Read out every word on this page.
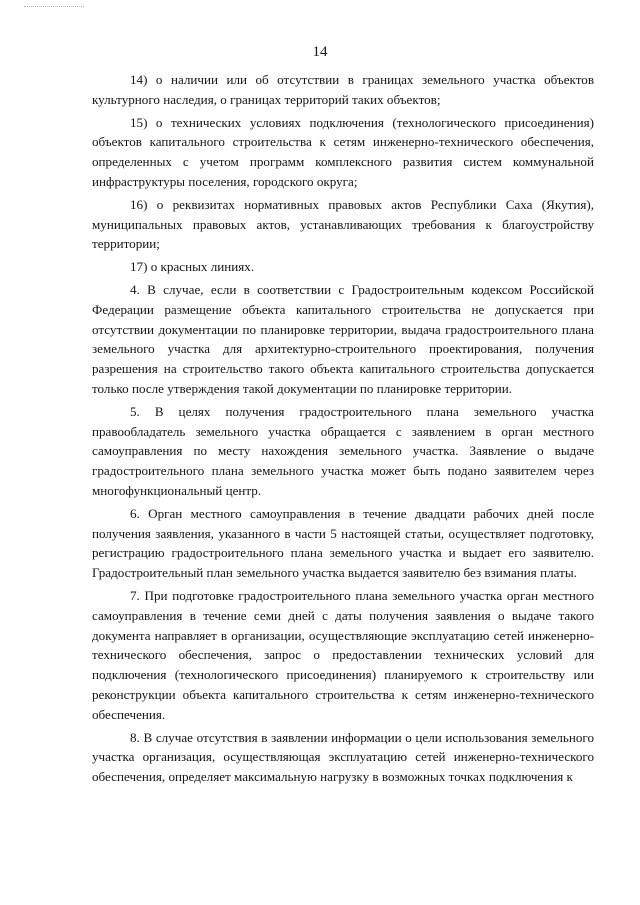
14

14) о наличии или об отсутствии в границах земельного участка объектов культурного наследия, о границах территорий таких объектов;

15) о технических условиях подключения (технологического присоединения) объектов капитального строительства к сетям инженерно-технического обеспечения, определенных с учетом программ комплексного развития систем коммунальной инфраструктуры поселения, городского округа;

16) о реквизитах нормативных правовых актов Республики Саха (Якутия), муниципальных правовых актов, устанавливающих требования к благоустройству территории;

17) о красных линиях.

4. В случае, если в соответствии с Градостроительным кодексом Российской Федерации размещение объекта капитального строительства не допускается при отсутствии документации по планировке территории, выдача градостроительного плана земельного участка для архитектурно-строительного проектирования, получения разрешения на строительство такого объекта капитального строительства допускается только после утверждения такой документации по планировке территории.

5. В целях получения градостроительного плана земельного участка правообладатель земельного участка обращается с заявлением в орган местного самоуправления по месту нахождения земельного участка. Заявление о выдаче градостроительного плана земельного участка может быть подано заявителем через многофункциональный центр.

6. Орган местного самоуправления в течение двадцати рабочих дней после получения заявления, указанного в части 5 настоящей статьи, осуществляет подготовку, регистрацию градостроительного плана земельного участка и выдает его заявителю. Градостроительный план земельного участка выдается заявителю без взимания платы.

7. При подготовке градостроительного плана земельного участка орган местного самоуправления в течение семи дней с даты получения заявления о выдаче такого документа направляет в организации, осуществляющие эксплуатацию сетей инженерно-технического обеспечения, запрос о предоставлении технических условий для подключения (технологического присоединения) планируемого к строительству или реконструкции объекта капитального строительства к сетям инженерно-технического обеспечения.

8. В случае отсутствия в заявлении информации о цели использования земельного участка организация, осуществляющая эксплуатацию сетей инженерно-технического обеспечения, определяет максимальную нагрузку в возможных точках подключения к
